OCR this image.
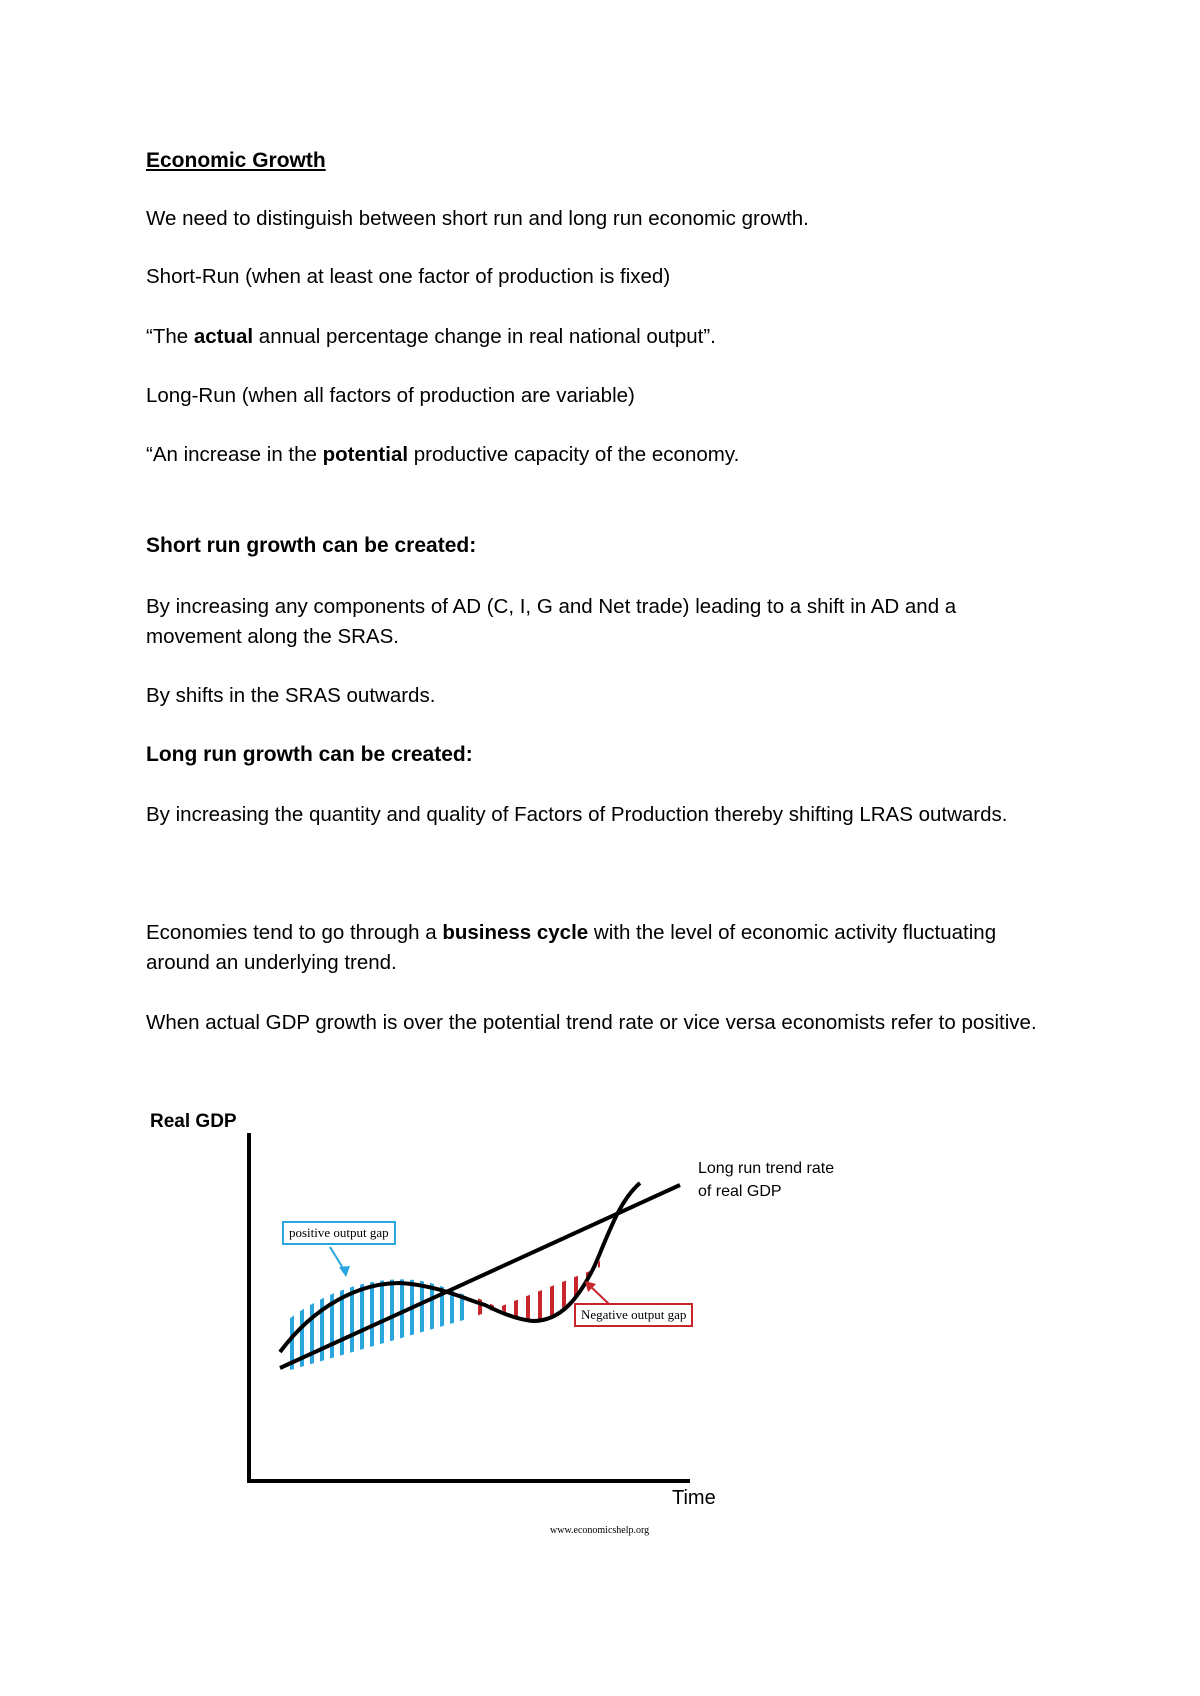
Economic Growth

We need to distinguish between short run and long run economic growth.

Short-Run (when at least one factor of production is fixed)

“The actual annual percentage change in real national output”.

Long-Run (when all factors of production are variable)

“An increase in the potential productive capacity of the economy.

Short run growth can be created:

By increasing any components of AD (C, I, G and Net trade) leading to a shift in AD and a movement along the SRAS.

By shifts in the SRAS outwards.

Long run growth can be created:

By increasing the quantity and quality of Factors of Production thereby shifting LRAS outwards.

Economies tend to go through a business cycle with the level of economic activity fluctuating around an underlying trend.

When actual GDP growth is over the potential trend rate or vice versa economists refer to positive.

Real GDP
Time
Long run trend rate
of real GDP
positive output gap
Negative output gap
www.economicshelp.org
